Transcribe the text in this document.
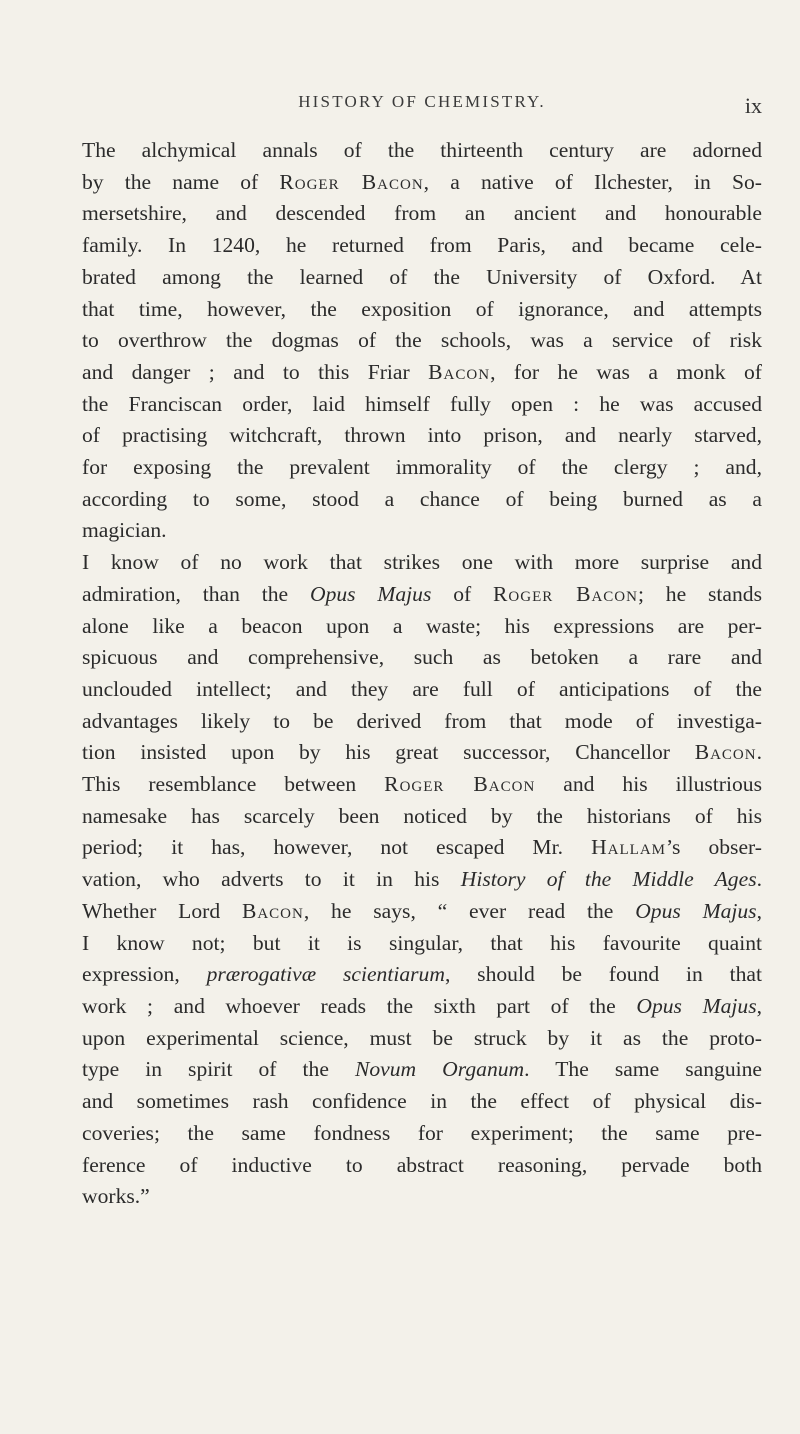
HISTORY OF CHEMISTRY.	ix

The alchymical annals of the thirteenth century are adorned
by the name of Roger Bacon, a native of Ilchester, in So-
mersetshire, and descended from an ancient and honourable
family. In 1240, he returned from Paris, and became cele-
brated among the learned of the University of Oxford. At
that time, however, the exposition of ignorance, and attempts
to overthrow the dogmas of the schools, was a service of risk
and danger ; and to this Friar Bacon, for he was a monk of
the Franciscan order, laid himself fully open : he was accused
of practising witchcraft, thrown into prison, and nearly starved,
for exposing the prevalent immorality of the clergy ; and,
according to some, stood a chance of being burned as a
magician.

I know of no work that strikes one with more surprise and
admiration, than the Opus Majus of Roger Bacon; he stands
alone like a beacon upon a waste; his expressions are per-
spicuous and comprehensive, such as betoken a rare and
unclouded intellect; and they are full of anticipations of the
advantages likely to be derived from that mode of investiga-
tion insisted upon by his great successor, Chancellor Bacon.
This resemblance between Roger Bacon and his illustrious
namesake has scarcely been noticed by the historians of his
period; it has, however, not escaped Mr. Hallam’s obser-
vation, who adverts to it in his History of the Middle Ages.
Whether Lord Bacon, he says, “ ever read the Opus Majus,
I know not; but it is singular, that his favourite quaint
expression, prærogativæ scientiarum, should be found in that
work ; and whoever reads the sixth part of the Opus Majus,
upon experimental science, must be struck by it as the proto-
type in spirit of the Novum Organum. The same sanguine
and sometimes rash confidence in the effect of physical dis-
coveries; the same fondness for experiment; the same pre-
ference of inductive to abstract reasoning, pervade both
works.”
